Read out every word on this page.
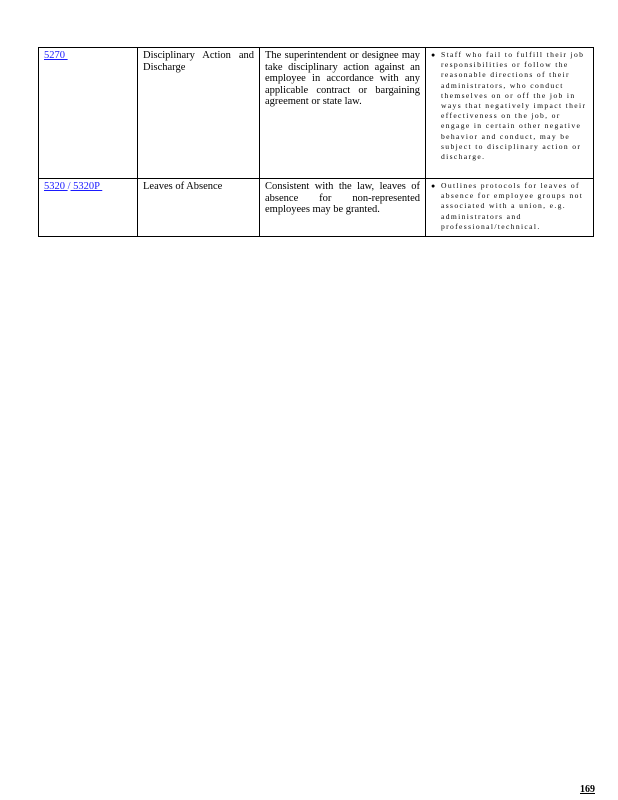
5270	Disciplinary Action and Discharge	The superintendent or designee may take disciplinary action against an employee in accordance with any applicable contract or bargaining agreement or state law.	● Staff who fail to fulfill their job responsibilities or follow the reasonable directions of their administrators, who conduct themselves on or off the job in ways that negatively impact their effectiveness on the job, or engage in certain other negative behavior and conduct, may be subject to disciplinary action or discharge.

5320 / 5320P	Leaves of Absence	Consistent with the law, leaves of absence for non-represented employees may be granted.	● Outlines protocols for leaves of absence for employee groups not associated with a union, e.g. administrators and professional/technical.
169
